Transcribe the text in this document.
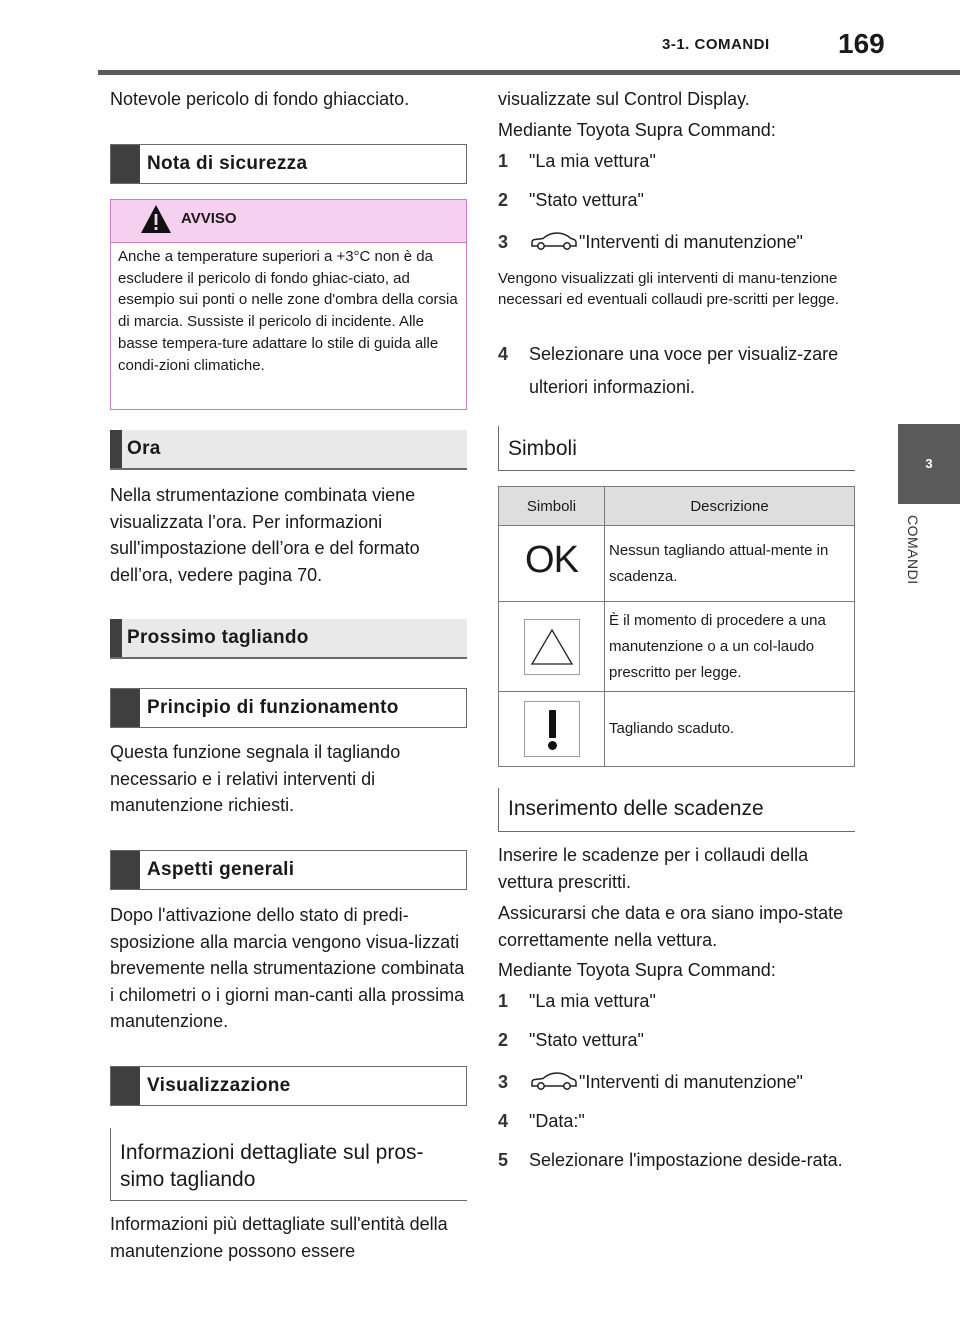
3-1. COMANDI 169
3
COMANDI

Notevole pericolo di fondo ghiacciato.

Nota di sicurezza
AVVISO

Anche a temperature superiori a +3°C non è da escludere il pericolo di fondo ghiac-ciato, ad esempio sui ponti o nelle zone d'ombra della corsia di marcia. Sussiste il pericolo di incidente. Alle basse tempera-ture adattare lo stile di guida alle condi-zioni climatiche.

Ora

Nella strumentazione combinata viene visualizzata l’ora. Per informazioni sull'impostazione dell’ora e del formato dell’ora, vedere pagina 70.

Prossimo tagliando
Principio di funzionamento

Questa funzione segnala il tagliando necessario e i relativi interventi di manutenzione richiesti.

Aspetti generali

Dopo l'attivazione dello stato di predi-sposizione alla marcia vengono visua-lizzati brevemente nella strumentazione combinata i chilometri o i giorni man-canti alla prossima manutenzione.

Visualizzazione
Informazioni dettagliate sul pros-simo tagliando

Informazioni più dettagliate sull'entità della manutenzione possono essere

visualizzate sul Control Display.

Mediante Toyota Supra Command:

1 "La mia vettura"
2 "Stato vettura"
3	"Interventi di manutenzione"

Vengono visualizzati gli interventi di manu-tenzione necessari ed eventuali collaudi pre-scritti per legge.

4 Selezionare una voce per visualiz-zare ulteriori informazioni.
Simboli
Simboli	Descrizione
OK	Nessun tagliando attual-mente in scadenza.
	È il momento di procedere a una manutenzione o a un col-laudo prescritto per legge.

	Tagliando scaduto.
Inserimento delle scadenze

Inserire le scadenze per i collaudi della vettura prescritti.

Assicurarsi che data e ora siano impo-state correttamente nella vettura.

Mediante Toyota Supra Command:

1 "La mia vettura"
2 "Stato vettura"
3	"Interventi di manutenzione"
4 "Data:"
5 Selezionare l'impostazione deside-rata.
